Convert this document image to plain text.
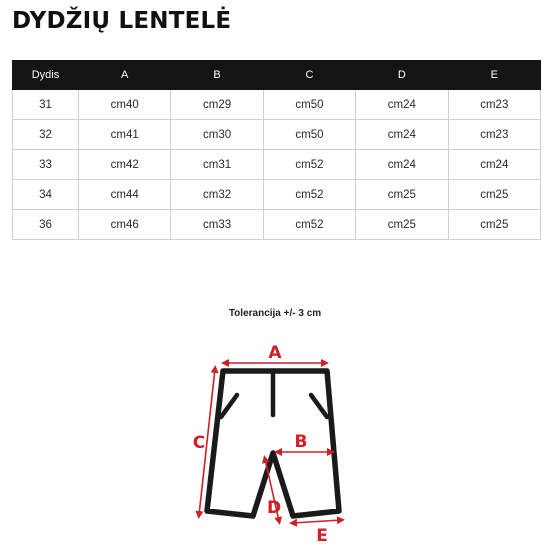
DYDŽIŲ LENTELĖ
Dydis	A	B	C	D	E
31	cm40	cm29	cm50	cm24	cm23
32	cm41	cm30	cm50	cm24	cm23
33	cm42	cm31	cm52	cm24	cm24
34	cm44	cm32	cm52	cm25	cm25
36	cm46	cm33	cm52	cm25	cm25
Tolerancija +/- 3 cm
A
B
C
D
E
